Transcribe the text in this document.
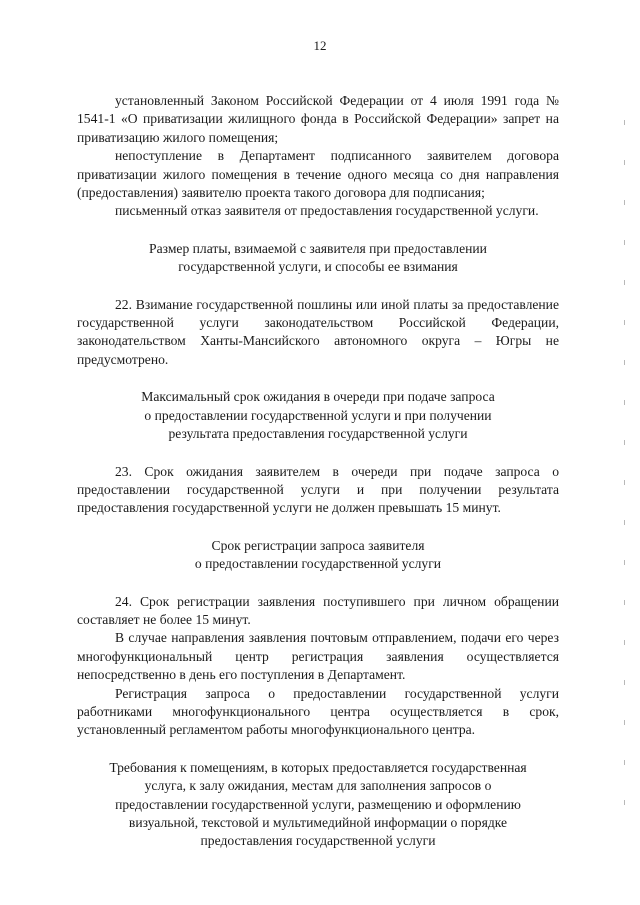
12

установленный Законом Российской Федерации от 4 июля 1991 года № 1541-1 «О приватизации жилищного фонда в Российской Федерации» запрет на приватизацию жилого помещения;

непоступление в Департамент подписанного заявителем договора приватизации жилого помещения в течение одного месяца со дня направления (предоставления) заявителю проекта такого договора для подписания;

письменный отказ заявителя от предоставления государственной услуги.

Размер платы, взимаемой с заявителя при предоставлении

государственной услуги, и способы ее взимания

22. Взимание государственной пошлины или иной платы за предоставление государственной услуги законодательством Российской Федерации, законодательством Ханты-Мансийского автономного округа – Югры не предусмотрено.

Максимальный срок ожидания в очереди при подаче запроса

о предоставлении государственной услуги и при получении

результата предоставления государственной услуги

23. Срок ожидания заявителем в очереди при подаче запроса о предоставлении государственной услуги и при получении результата предоставления государственной услуги не должен превышать 15 минут.

Срок регистрации запроса заявителя

о предоставлении государственной услуги

24. Срок регистрации заявления поступившего при личном обращении составляет не более 15 минут.

В случае направления заявления почтовым отправлением, подачи его через многофункциональный центр регистрация заявления осуществляется непосредственно в день его поступления в Департамент.

Регистрация запроса о предоставлении государственной услуги работниками многофункционального центра осуществляется в срок, установленный регламентом работы многофункционального центра.

Требования к помещениям, в которых предоставляется государственная

услуга, к залу ожидания, местам для заполнения запросов о

предоставлении государственной услуги, размещению и оформлению

визуальной, текстовой и мультимедийной информации о порядке

предоставления государственной услуги
